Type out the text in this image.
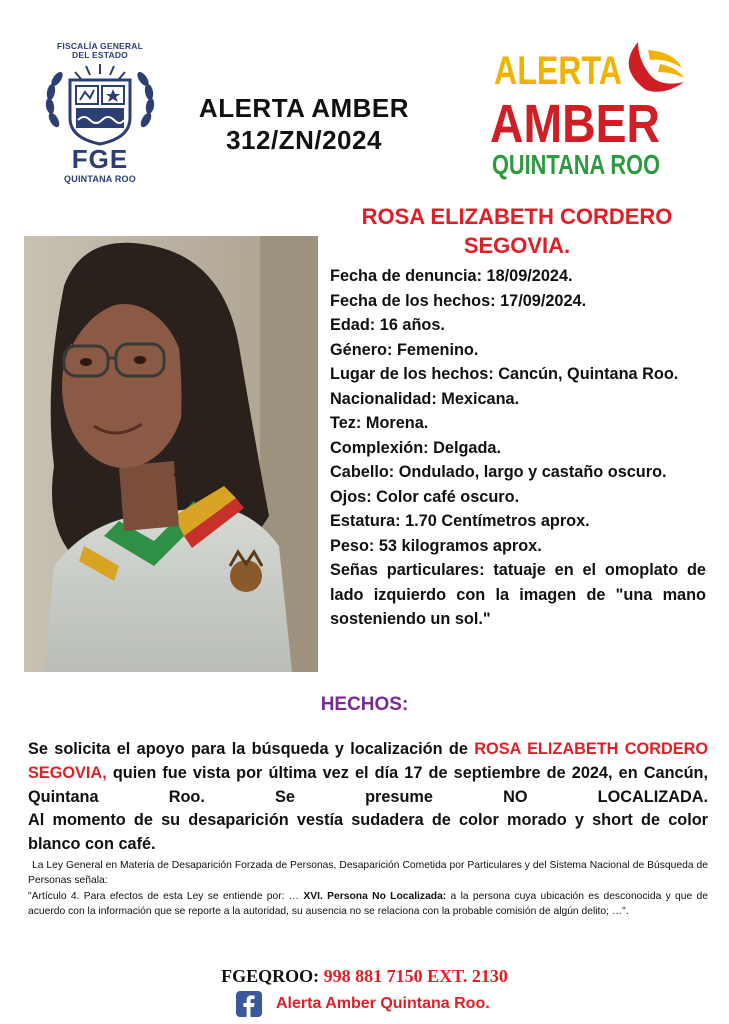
FISCALÍA GENERAL
DEL ESTADO
FGE
QUINTANA ROO
ALERTA AMBER
312/ZN/2024
ALERTA
AMBER
QUINTANA ROO
ROSA ELIZABETH CORDERO
SEGOVIA.
Fecha de denuncia: 18/09/2024.
Fecha de los hechos: 17/09/2024.
Edad: 16 años.
Género: Femenino.
Lugar de los hechos: Cancún, Quintana Roo.
Nacionalidad: Mexicana.
Tez: Morena.
Complexión: Delgada.
Cabello: Ondulado, largo y castaño oscuro.
Ojos: Color café oscuro.
Estatura: 1.70 Centímetros aprox.
Peso: 53 kilogramos aprox.
Señas particulares: tatuaje en el omoplato de lado izquierdo con la imagen de "una mano sosteniendo un sol."
HECHOS:
Se solicita el apoyo para la búsqueda y localización de ROSA ELIZABETH CORDERO
SEGOVIA, quien fue vista por última vez el día 17 de septiembre de 2024, en Cancún,
Quintana Roo. Se presume NO LOCALIZADA.
Al momento de su desaparición vestía sudadera de color morado y short de color blanco con café.

La Ley General en Materia de Desaparición Forzada de Personas, Desaparición Cometida por Particulares y del Sistema Nacional de Búsqueda de Personas señala:

"Artículo 4. Para efectos de esta Ley se entiende por: … XVI. Persona No Localizada: a la persona cuya ubicación es desconocida y que de acuerdo con la información que se reporte a la autoridad, su ausencia no se relaciona con la probable comisión de algún delito; …".

FGEQROO: 998 881 7150 EXT. 2130
Alerta Amber Quintana Roo.
